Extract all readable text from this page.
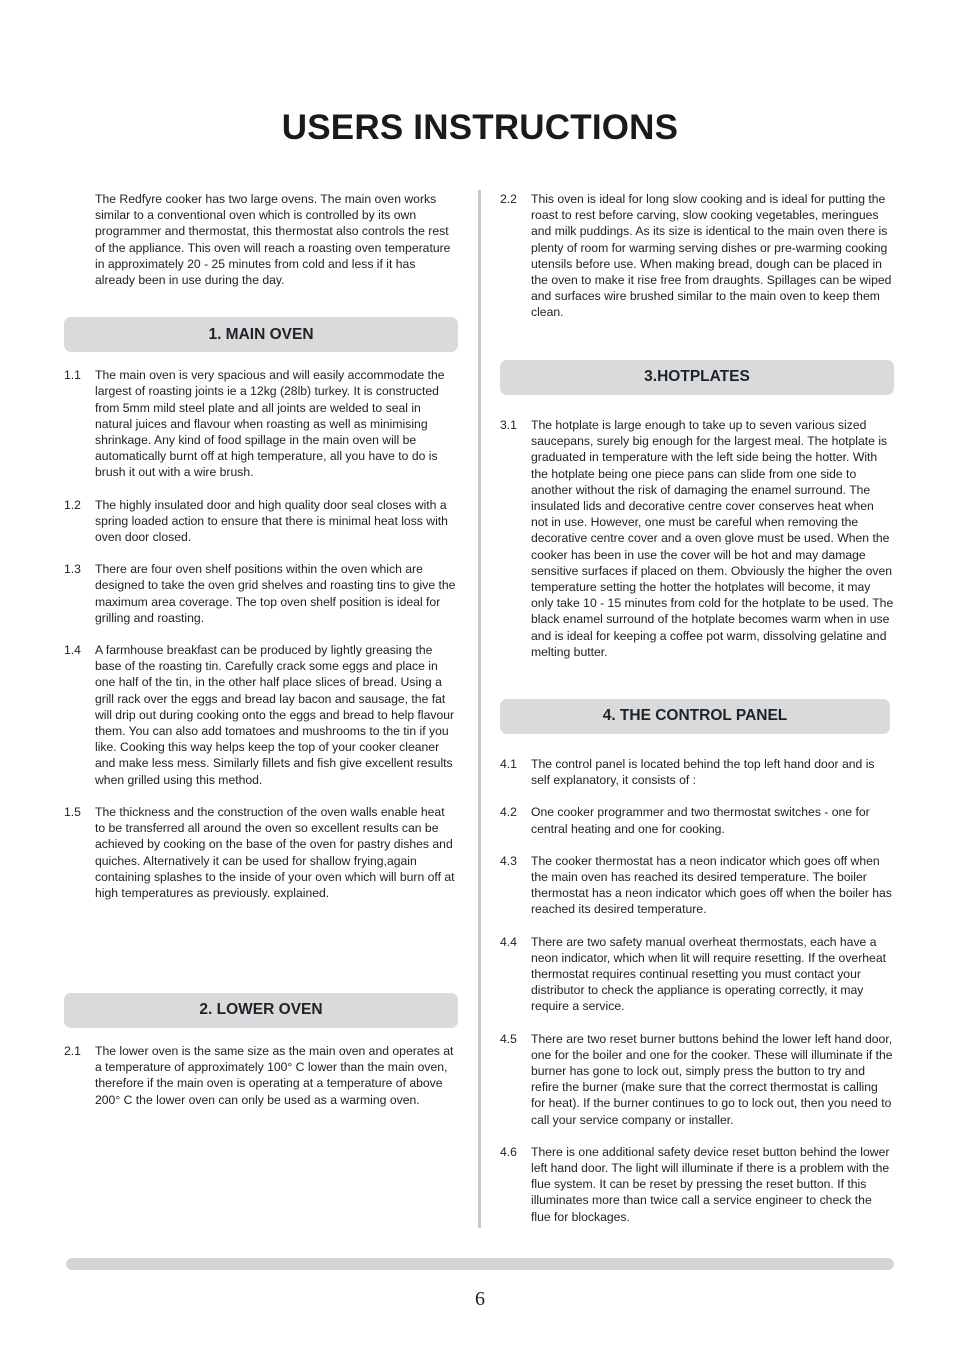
USERS INSTRUCTIONS

The Redfyre cooker has two large ovens. The main oven works similar to a conventional oven which is controlled by its own programmer and thermostat, this thermostat also controls the rest of the appliance. This oven will reach a roasting oven temperature in approximately 20 - 25 minutes from cold and less if it has already been in use during the day.

1. MAIN OVEN
1.1 The main oven is very spacious and will easily accommodate the largest of roasting joints ie a 12kg (28lb) turkey. It is constructed from 5mm mild steel plate and all joints are welded to seal in natural juices and flavour when roasting as well as minimising shrinkage. Any kind of food spillage in the main oven will be automatically burnt off at high temperature, all you have to do is brush it out with a wire brush.
1.2 The highly insulated door and high quality door seal closes with a spring loaded action to ensure that there is minimal heat loss with oven door closed.
1.3 There are four oven shelf positions within the oven which are designed to take the oven grid shelves and roasting tins to give the maximum area coverage. The top oven shelf position is ideal for grilling and roasting.
1.4 A farmhouse breakfast can be produced by lightly greasing the base of the roasting tin. Carefully crack some eggs and place in one half of the tin, in the other half place slices of bread. Using a grill rack over the eggs and bread lay bacon and sausage, the fat will drip out during cooking onto the eggs and bread to help flavour them. You can also add tomatoes and mushrooms to the tin if you like. Cooking this way helps keep the top of your cooker cleaner and make less mess. Similarly fillets and fish give excellent results when grilled using this method.
1.5 The thickness and the construction of the oven walls enable heat to be transferred all around the oven so excellent results can be achieved by cooking on the base of the oven for pastry dishes and quiches. Alternatively it can be used for shallow frying,again containing splashes to the inside of your oven which will burn off at high temperatures as previously. explained.
2. LOWER OVEN
2.1 The lower oven is the same size as the main oven and operates at a temperature of approximately 100° C lower than the main oven, therefore if the main oven is operating at a temperature of above 200° C the lower oven can only be used as a warming oven.
2.2 This oven is ideal for long slow cooking and is ideal for putting the roast to rest before carving, slow cooking vegetables, meringues and milk puddings. As its size is identical to the main oven there is plenty of room for warming serving dishes or pre-warming cooking utensils before use. When making bread, dough can be placed in the oven to make it rise free from draughts. Spillages can be wiped and surfaces wire brushed similar to the main oven to keep them clean.
3.HOTPLATES
3.1 The hotplate is large enough to take up to seven various sized saucepans, surely big enough for the largest meal. The hotplate is graduated in temperature with the left side being the hotter. With the hotplate being one piece pans can slide from one side to another without the risk of damaging the enamel surround. The insulated lids and decorative centre cover conserves heat when not in use. However, one must be careful when removing the decorative centre cover and a oven glove must be used. When the cooker has been in use the cover will be hot and may damage sensitive surfaces if placed on them. Obviously the higher the oven temperature setting the hotter the hotplates will become, it may only take 10 - 15 minutes from cold for the hotplate to be used. The black enamel surround of the hotplate becomes warm when in use and is ideal for keeping a coffee pot warm, dissolving gelatine and melting butter.
4. THE CONTROL PANEL
4.1 The control panel is located behind the top left hand door and is self explanatory, it consists of :
4.2 One cooker programmer and two thermostat switches - one for central heating and one for cooking.
4.3 The cooker thermostat has a neon indicator which goes off when the main oven has reached its desired temperature. The boiler thermostat has a neon indicator which goes off when the boiler has reached its desired temperature.
4.4 There are two safety manual overheat thermostats, each have a neon indicator, which when lit will require resetting. If the overheat thermostat requires continual resetting you must contact your distributor to check the appliance is operating correctly, it may require a service.
4.5 There are two reset burner buttons behind the lower left hand door, one for the boiler and one for the cooker. These will illuminate if the burner has gone to lock out, simply press the button to try and refire the burner (make sure that the correct thermostat is calling for heat). If the burner continues to go to lock out, then you need to call your service company or installer.
4.6 There is one additional safety device reset button behind the lower left hand door. The light will illuminate if there is a problem with the flue system. It can be reset by pressing the reset button. If this illuminates more than twice call a service engineer to check the flue for blockages.
6
